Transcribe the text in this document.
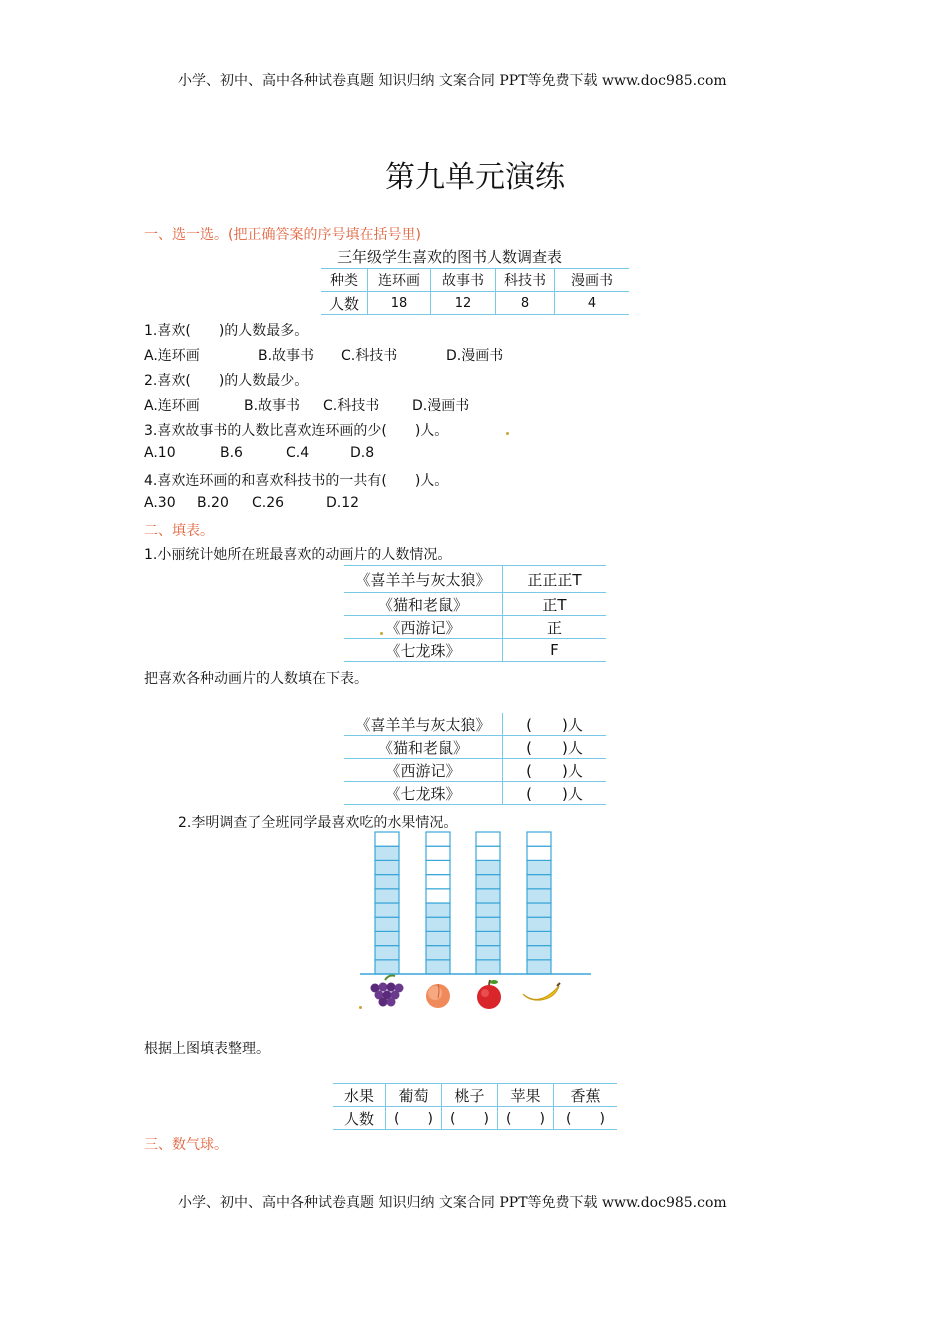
小学、初中、高中各种试卷真题 知识归纳 文案合同 PPT等免费下载 www.doc985.com
第九单元演练
一、选一选。(把正确答案的序号填在括号里)
三年级学生喜欢的图书人数调查表
种类	连环画	故事书	科技书	漫画书
人数	18	12	8	4
1.喜欢(　　)的人数最多。
A.连环画	B.故事书 C.科技书	D.漫画书
2.喜欢(　　)的人数最少。
A.连环画	B.故事书 C.科技书 D.漫画书
3.喜欢故事书的人数比喜欢连环画的少(　　)人。
A.10	B.6	C.4	D.8
4.喜欢连环画的和喜欢科技书的一共有(　　)人。
A.30 B.20 C.26	D.12
二、填表。
1.小丽统计她所在班最喜欢的动画片的人数情况。
《喜羊羊与灰太狼》	正正正T
《猫和老鼠》	正T
《西游记》	正
《七龙珠》	F
把喜欢各种动画片的人数填在下表。
《喜羊羊与灰太狼》	(　　)人
《猫和老鼠》	(　　)人
《西游记》	(　　)人
《七龙珠》	(　　)人
2.李明调查了全班同学最喜欢吃的水果情况。
根据上图填表整理。
水果	葡萄	桃子	苹果	香蕉
人数	(　　)	(　　)	(　　)	(　　)
三、数气球。
小学、初中、高中各种试卷真题 知识归纳 文案合同 PPT等免费下载 www.doc985.com
